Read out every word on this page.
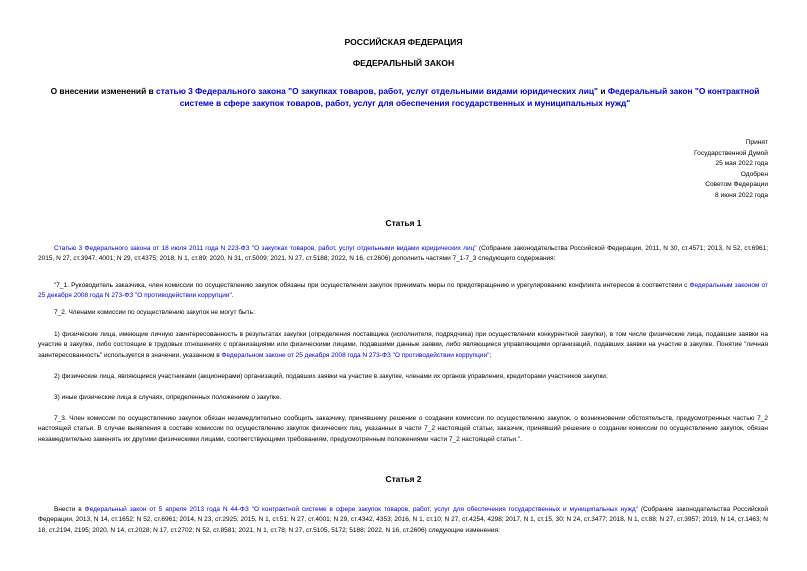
РОССИЙСКАЯ ФЕДЕРАЦИЯ
ФЕДЕРАЛЬНЫЙ ЗАКОН
О внесении изменений в статью 3 Федерального закона "О закупках товаров, работ, услуг отдельными видами юридических лиц" и Федеральный закон "О контрактной системе в сфере закупок товаров, работ, услуг для обеспечения государственных и муниципальных нужд"
Принят
Государственной Думой
25 мая 2022 года
Одобрен
Советом Федерации
8 июня 2022 года
Статья 1

Статью 3 Федерального закона от 18 июля 2011 года N 223-ФЗ "О закупках товаров, работ, услуг отдельными видами юридических лиц" (Собрание законодательства Российской Федерации, 2011, N 30, ст.4571; 2013, N 52, ст.6961; 2015, N 27, ст.3947, 4001; N 29, ст.4375; 2018, N 1, ст.89; 2020, N 31, ст.5009; 2021, N 27, ст.5188; 2022, N 16, ст.2606) дополнить частями 7_1-7_3 следующего содержания:

"7_1. Руководитель заказчика, член комиссии по осуществлению закупок обязаны при осуществлении закупок принимать меры по предотвращению и урегулированию конфликта интересов в соответствии с Федеральным законом от 25 декабря 2008 года N 273-ФЗ "О противодействии коррупции".

7_2. Членами комиссии по осуществлению закупок не могут быть:

1) физические лица, имеющие личную заинтересованность в результатах закупки (определения поставщика (исполнителя, подрядчика) при осуществлении конкурентной закупки), в том числе физические лица, подавшие заявки на участие в закупке, либо состоящие в трудовых отношениях с организациями или физическими лицами, подавшими данные заявки, либо являющиеся управляющими организаций, подавших заявки на участие в закупке. Понятие "личная заинтересованность" используется в значении, указанном в Федеральном законе от 25 декабря 2008 года N 273-ФЗ "О противодействии коррупции";

2) физические лица, являющиеся участниками (акционерами) организаций, подавших заявки на участие в закупке, членами их органов управления, кредиторами участников закупки;

3) иные физические лица в случаях, определенных положением о закупке.

7_3. Член комиссии по осуществлению закупок обязан незамедлительно сообщить заказчику, принявшему решение о создании комиссии по осуществлению закупок, о возникновении обстоятельств, предусмотренных частью 7_2 настоящей статьи. В случае выявления в составе комиссии по осуществлению закупок физических лиц, указанных в части 7_2 настоящей статьи, заказчик, принявший решение о создании комиссии по осуществлению закупок, обязан незамедлительно заменить их другими физическими лицами, соответствующими требованиям, предусмотренным положениями части 7_2 настоящей статьи.".

Статья 2

Внести в Федеральный закон от 5 апреля 2013 года N 44-ФЗ "О контрактной системе в сфере закупок товаров, работ, услуг для обеспечения государственных и муниципальных нужд" (Собрание законодательства Российской Федерации, 2013, N 14, ст.1652; N 52, ст.6961; 2014, N 23, ст.2925; 2015, N 1, ст.51; N 27, ст.4001; N 29, ст.4342, 4353; 2016, N 1, ст.10; N 27, ст.4254, 4298; 2017, N 1, ст.15, 30; N 24, ст.3477; 2018, N 1, ст.88; N 27, ст.3957; 2019, N 14, ст.1463; N 18, ст.2194, 2195; 2020, N 14, ст.2028; N 17, ст.2702; N 52, ст.8581; 2021, N 1, ст.78; N 27, ст.5105, 5172; 5188; 2022, N 16, ст.2606) следующие изменения:
